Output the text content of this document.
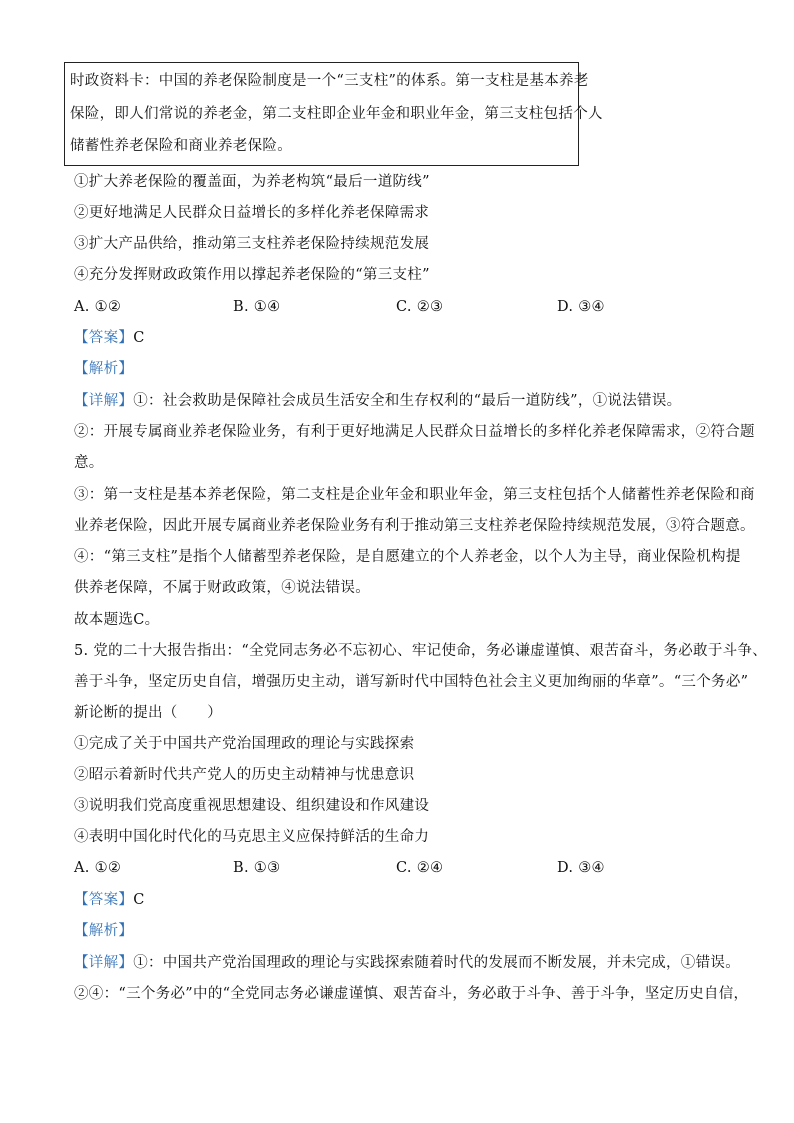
时政资料卡：中国的养老保险制度是一个“三支柱”的体系。第一支柱是基本养老
保险，即人们常说的养老金，第二支柱即企业年金和职业年金，第三支柱包括个人
储蓄性养老保险和商业养老保险。
①扩大养老保险的覆盖面，为养老构筑“最后一道防线”
②更好地满足人民群众日益增长的多样化养老保障需求
③扩大产品供给，推动第三支柱养老保险持续规范发展
④充分发挥财政政策作用以撑起养老保险的“第三支柱”
A. ①②	B. ①④	C. ②③	D. ③④
【答案】C
【解析】
【详解】①：社会救助是保障社会成员生活安全和生存权利的“最后一道防线”，①说法错误。
②：开展专属商业养老保险业务，有利于更好地满足人民群众日益增长的多样化养老保障需求，②符合题
意。
③：第一支柱是基本养老保险，第二支柱是企业年金和职业年金，第三支柱包括个人储蓄性养老保险和商
业养老保险，因此开展专属商业养老保险业务有利于推动第三支柱养老保险持续规范发展，③符合题意。
④：“第三支柱”是指个人储蓄型养老保险，是自愿建立的个人养老金，以个人为主导，商业保险机构提
供养老保障，不属于财政政策，④说法错误。
故本题选C。
5. 党的二十大报告指出：“全党同志务必不忘初心、牢记使命，务必谦虚谨慎、艰苦奋斗，务必敢于斗争、
善于斗争，坚定历史自信，增强历史主动，谱写新时代中国特色社会主义更加绚丽的华章”。“三个务必”
新论断的提出（　　）
①完成了关于中国共产党治国理政的理论与实践探索
②昭示着新时代共产党人的历史主动精神与忧患意识
③说明我们党高度重视思想建设、组织建设和作风建设
④表明中国化时代化的马克思主义应保持鲜活的生命力
A. ①②	B. ①③	C. ②④	D. ③④
【答案】C
【解析】
【详解】①：中国共产党治国理政的理论与实践探索随着时代的发展而不断发展，并未完成，①错误。
②④：“三个务必”中的“全党同志务必谦虚谨慎、艰苦奋斗，务必敢于斗争、善于斗争，坚定历史自信，
